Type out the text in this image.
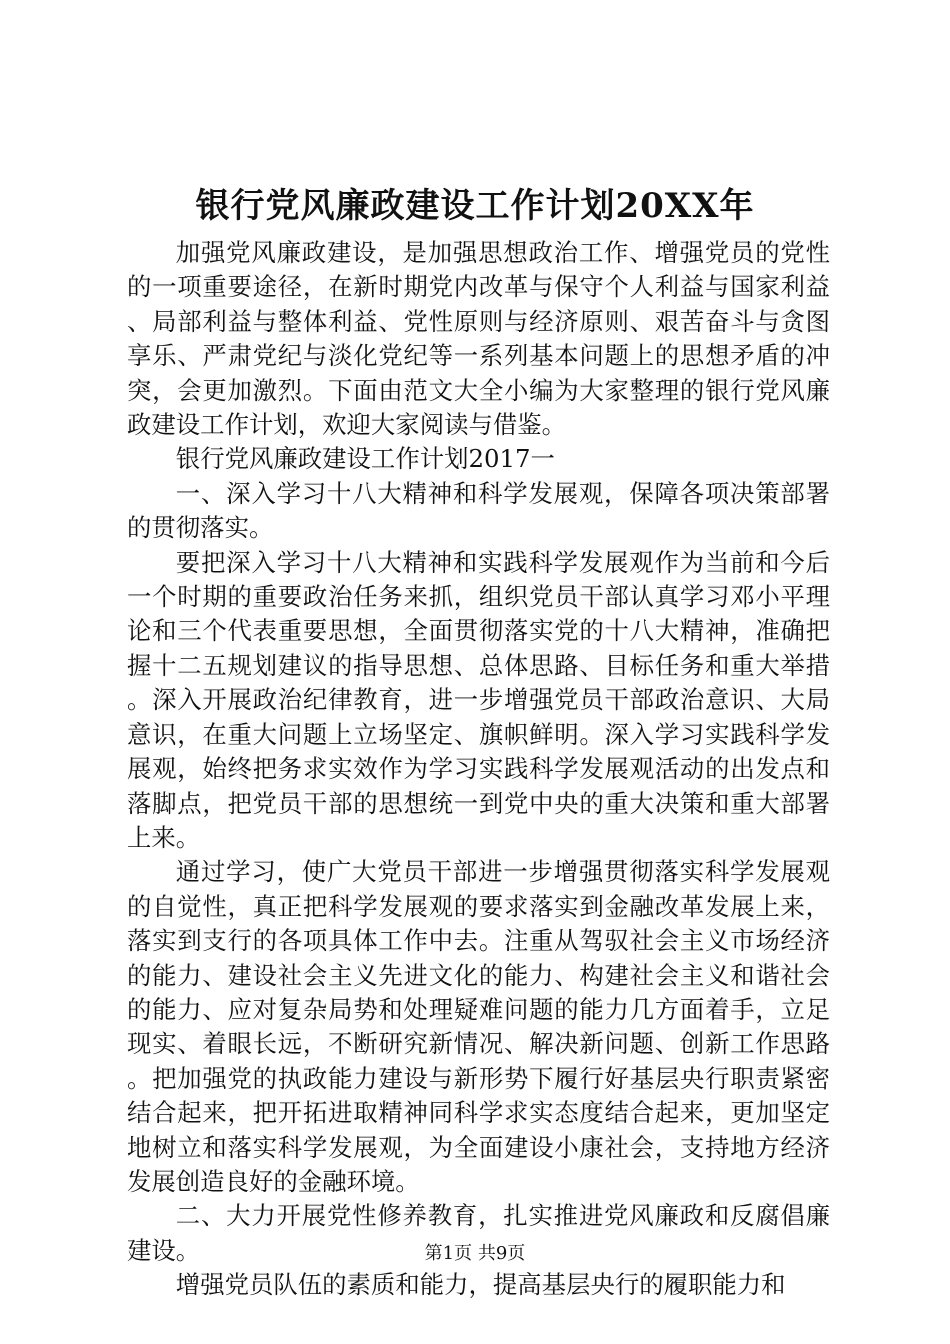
银行党风廉政建设工作计划20XX年

加强党风廉政建设，是加强思想政治工作、增强党员的党性的一项重要途径，在新时期党内改革与保守个人利益与国家利益、局部利益与整体利益、党性原则与经济原则、艰苦奋斗与贪图享乐、严肃党纪与淡化党纪等一系列基本问题上的思想矛盾的冲突，会更加激烈。下面由范文大全小编为大家整理的银行党风廉政建设工作计划，欢迎大家阅读与借鉴。

银行党风廉政建设工作计划2017一

一、深入学习十八大精神和科学发展观，保障各项决策部署的贯彻落实。

要把深入学习十八大精神和实践科学发展观作为当前和今后一个时期的重要政治任务来抓，组织党员干部认真学习邓小平理论和三个代表重要思想，全面贯彻落实党的十八大精神，准确把握十二五规划建议的指导思想、总体思路、目标任务和重大举措。深入开展政治纪律教育，进一步增强党员干部政治意识、大局意识，在重大问题上立场坚定、旗帜鲜明。深入学习实践科学发展观，始终把务求实效作为学习实践科学发展观活动的出发点和落脚点，把党员干部的思想统一到党中央的重大决策和重大部署上来。

通过学习，使广大党员干部进一步增强贯彻落实科学发展观的自觉性，真正把科学发展观的要求落实到金融改革发展上来，落实到支行的各项具体工作中去。注重从驾驭社会主义市场经济的能力、建设社会主义先进文化的能力、构建社会主义和谐社会的能力、应对复杂局势和处理疑难问题的能力几方面着手，立足现实、着眼长远，不断研究新情况、解决新问题、创新工作思路。把加强党的执政能力建设与新形势下履行好基层央行职责紧密结合起来，把开拓进取精神同科学求实态度结合起来，更加坚定地树立和落实科学发展观，为全面建设小康社会，支持地方经济发展创造良好的金融环境。

二、大力开展党性修养教育，扎实推进党风廉政和反腐倡廉建设。

增强党员队伍的素质和能力，提高基层央行的履职能力和

第1页 共9页
